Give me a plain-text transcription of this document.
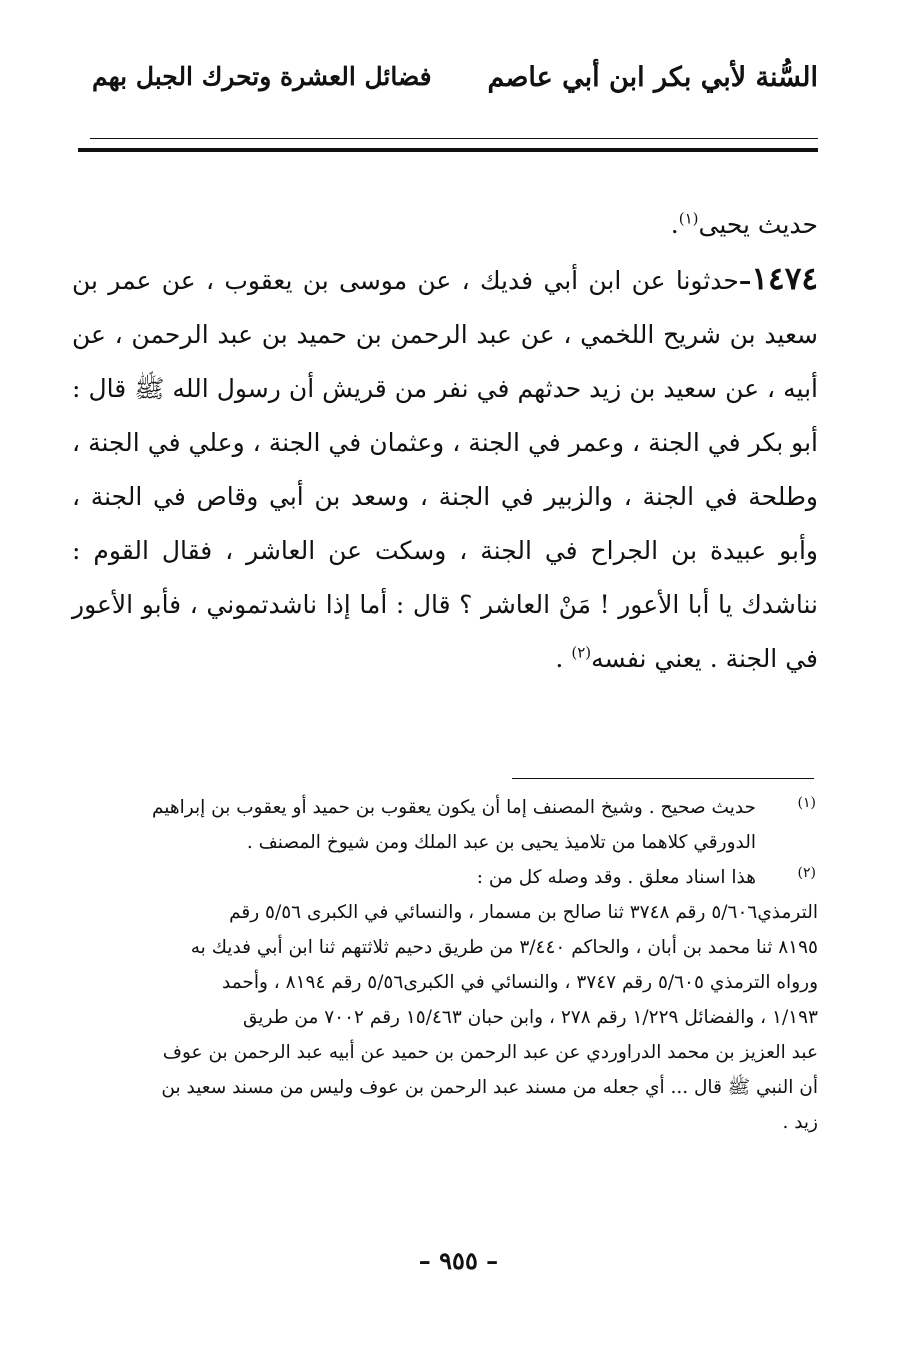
السُّنة لأبي بكر ابن أبي عاصم
فضائل العشرة وتحرك الجبل بهم

حديث يحيى$^{(١)}$.

١٤٧٤–حدثونا عن ابن أبي فديك ، عن موسى بن يعقوب ، عن عمر بن سعيد بن شريح اللخمي ، عن عبد الرحمن بن حميد بن عبد الرحمن ، عن أبيه ، عن سعيد بن زيد حدثهم في نفر من قريش أن رسول الله ﷺ قال : أبو بكر في الجنة ، وعمر في الجنة ، وعثمان في الجنة ، وعلي في الجنة ، وطلحة في الجنة ، والزبير في الجنة ، وسعد بن أبي وقاص في الجنة ، وأبو عبيدة بن الجراح في الجنة ، وسكت عن العاشر ، فقال القوم : نناشدك يا أبا الأعور ! مَنْ العاشر ؟ قال : أما إذا ناشدتموني ، فأبو الأعور في الجنة . يعني نفسه$^{(٢)}$ .

(١)
حديث صحيح . وشيخ المصنف إما أن يكون يعقوب بن حميد أو يعقوب بن إبراهيم
الدورقي كلاهما من تلاميذ يحيى بن عبد الملك ومن شيوخ المصنف .
(٢)
هذا اسناد معلق . وقد وصله كل من :
الترمذي٥/٦٠٦ رقم ٣٧٤٨ ثنا صالح بن مسمار ، والنسائي في الكبرى ٥/٥٦ رقم
٨١٩٥ ثنا محمد بن أبان ، والحاكم ٣/٤٤٠ من طريق دحيم ثلاثتهم ثنا ابن أبي فديك به
ورواه الترمذي ٥/٦٠٥ رقم ٣٧٤٧ ، والنسائي في الكبرى٥/٥٦ رقم ٨١٩٤ ، وأحمد
١/١٩٣ ، والفضائل ١/٢٢٩ رقم ٢٧٨ ، وابن حبان ١٥/٤٦٣ رقم ٧٠٠٢ من طريق
عبد العزيز بن محمد الدراوردي عن عبد الرحمن بن حميد عن أبيه عبد الرحمن بن عوف
أن النبي ﷺ قال ... أي جعله من مسند عبد الرحمن بن عوف وليس من مسند سعيد بن
زيد .
– ٩٥٥ –
